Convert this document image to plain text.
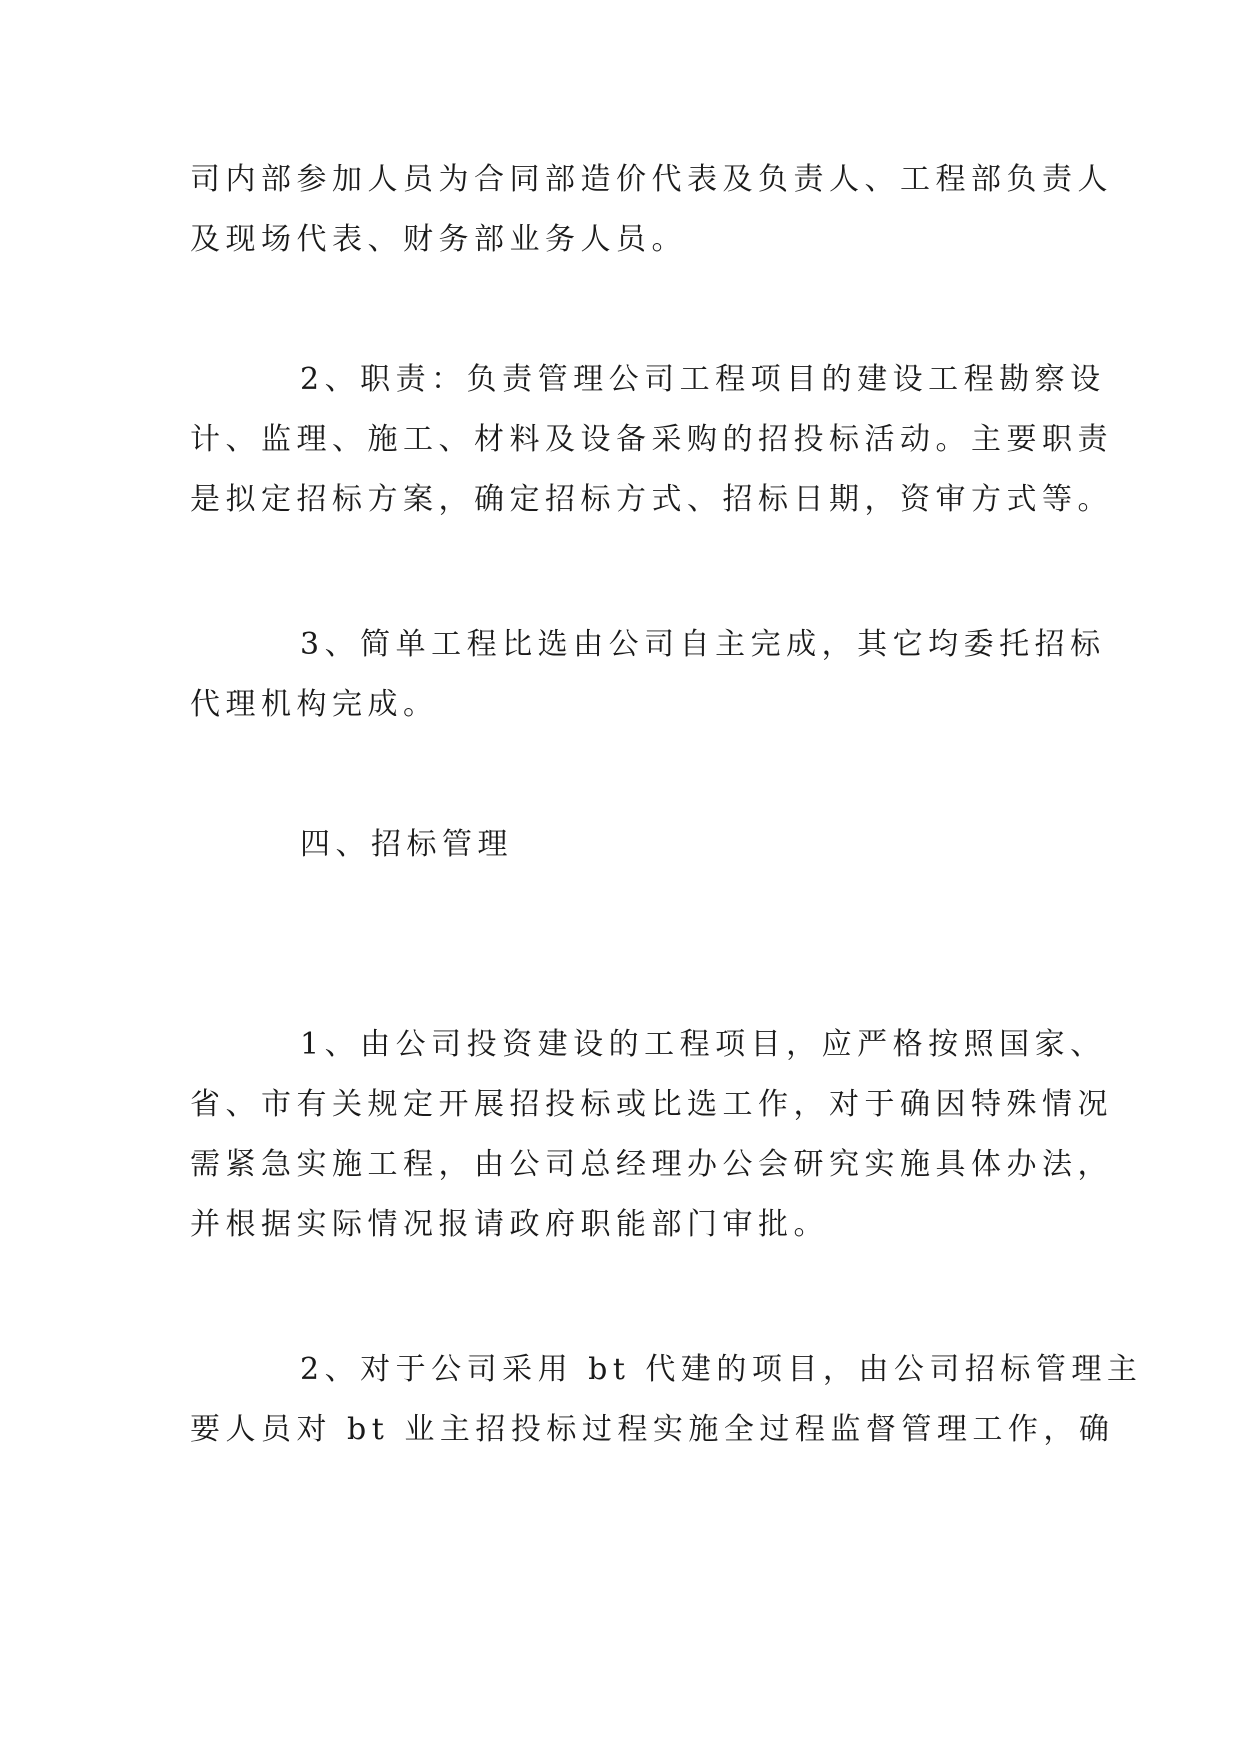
司内部参加人员为合同部造价代表及负责人、工程部负责人
及现场代表、财务部业务人员。
2、职责：负责管理公司工程项目的建设工程勘察设
计、监理、施工、材料及设备采购的招投标活动。主要职责
是拟定招标方案，确定招标方式、招标日期，资审方式等。
3、简单工程比选由公司自主完成，其它均委托招标
代理机构完成。
四、招标管理
1、由公司投资建设的工程项目，应严格按照国家、
省、市有关规定开展招投标或比选工作，对于确因特殊情况
需紧急实施工程，由公司总经理办公会研究实施具体办法，
并根据实际情况报请政府职能部门审批。
2、对于公司采用 bt 代建的项目，由公司招标管理主
要人员对 bt 业主招投标过程实施全过程监督管理工作，确
